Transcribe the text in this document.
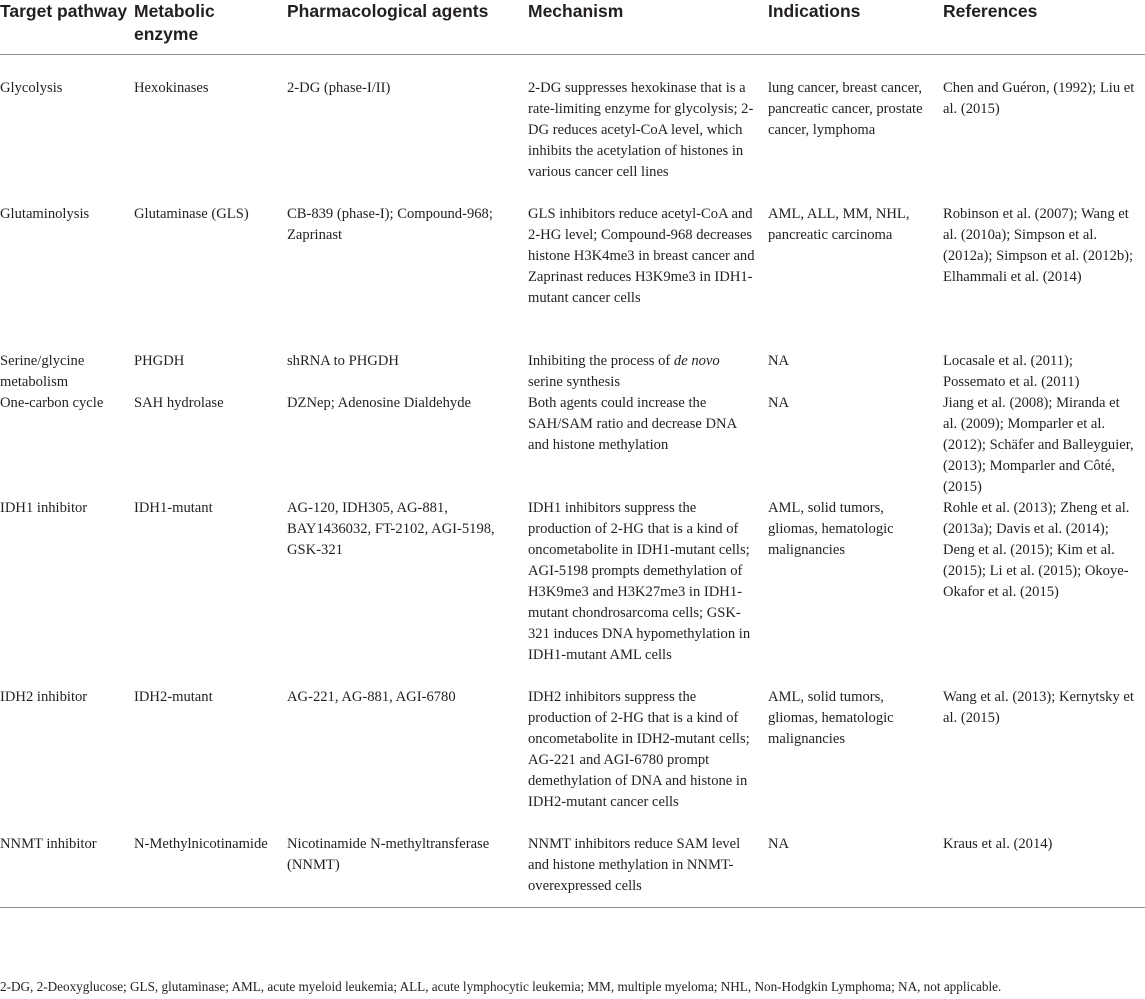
Target pathway	Metabolic enzyme	Pharmacological agents	Mechanism	Indications	References
Glycolysis	Hexokinases	2-DG (phase-I/II)	2-DG suppresses hexokinase that is a rate-limiting enzyme for glycolysis; 2-DG reduces acetyl-CoA level, which inhibits the acetylation of histones in various cancer cell lines	lung cancer, breast cancer, pancreatic cancer, prostate cancer, lymphoma	Chen and Guéron, (1992); Liu et al. (2015)
Glutaminolysis	Glutaminase (GLS)	CB-839 (phase-I); Compound-968; Zaprinast	GLS inhibitors reduce acetyl-CoA and 2-HG level; Compound-968 decreases histone H3K4me3 in breast cancer and Zaprinast reduces H3K9me3 in IDH1-mutant cancer cells	AML, ALL, MM, NHL, pancreatic carcinoma	Robinson et al. (2007); Wang et al. (2010a); Simpson et al. (2012a); Simpson et al. (2012b); Elhammali et al. (2014)
Serine/glycine metabolism	PHGDH	shRNA to PHGDH	Inhibiting the process of de novo serine synthesis	NA	Locasale et al. (2011); Possemato et al. (2011)
One-carbon cycle	SAH hydrolase	DZNep; Adenosine Dialdehyde	Both agents could increase the SAH/SAM ratio and decrease DNA and histone methylation	NA	Jiang et al. (2008); Miranda et al. (2009); Momparler et al. (2012); Schäfer and Balleyguier, (2013); Momparler and Côté, (2015)
IDH1 inhibitor	IDH1-mutant	AG-120, IDH305, AG-881, BAY1436032, FT-2102, AGI-5198, GSK-321	IDH1 inhibitors suppress the production of 2-HG that is a kind of oncometabolite in IDH1-mutant cells; AGI-5198 prompts demethylation of H3K9me3 and H3K27me3 in IDH1-mutant chondrosarcoma cells; GSK-321 induces DNA hypomethylation in IDH1-mutant AML cells	AML, solid tumors, gliomas, hematologic malignancies	Rohle et al. (2013); Zheng et al. (2013a); Davis et al. (2014); Deng et al. (2015); Kim et al. (2015); Li et al. (2015); Okoye-Okafor et al. (2015)
IDH2 inhibitor	IDH2-mutant	AG-221, AG-881, AGI-6780	IDH2 inhibitors suppress the production of 2-HG that is a kind of oncometabolite in IDH2-mutant cells; AG-221 and AGI-6780 prompt demethylation of DNA and histone in IDH2-mutant cancer cells	AML, solid tumors, gliomas, hematologic malignancies	Wang et al. (2013); Kernytsky et al. (2015)
NNMT inhibitor	N-Methylnicotinamide	Nicotinamide N-methyltransferase (NNMT)	NNMT inhibitors reduce SAM level and histone methylation in NNMT-overexpressed cells	NA	Kraus et al. (2014)
2-DG, 2-Deoxyglucose; GLS, glutaminase; AML, acute myeloid leukemia; ALL, acute lymphocytic leukemia; MM, multiple myeloma; NHL, Non-Hodgkin Lymphoma; NA, not applicable.
